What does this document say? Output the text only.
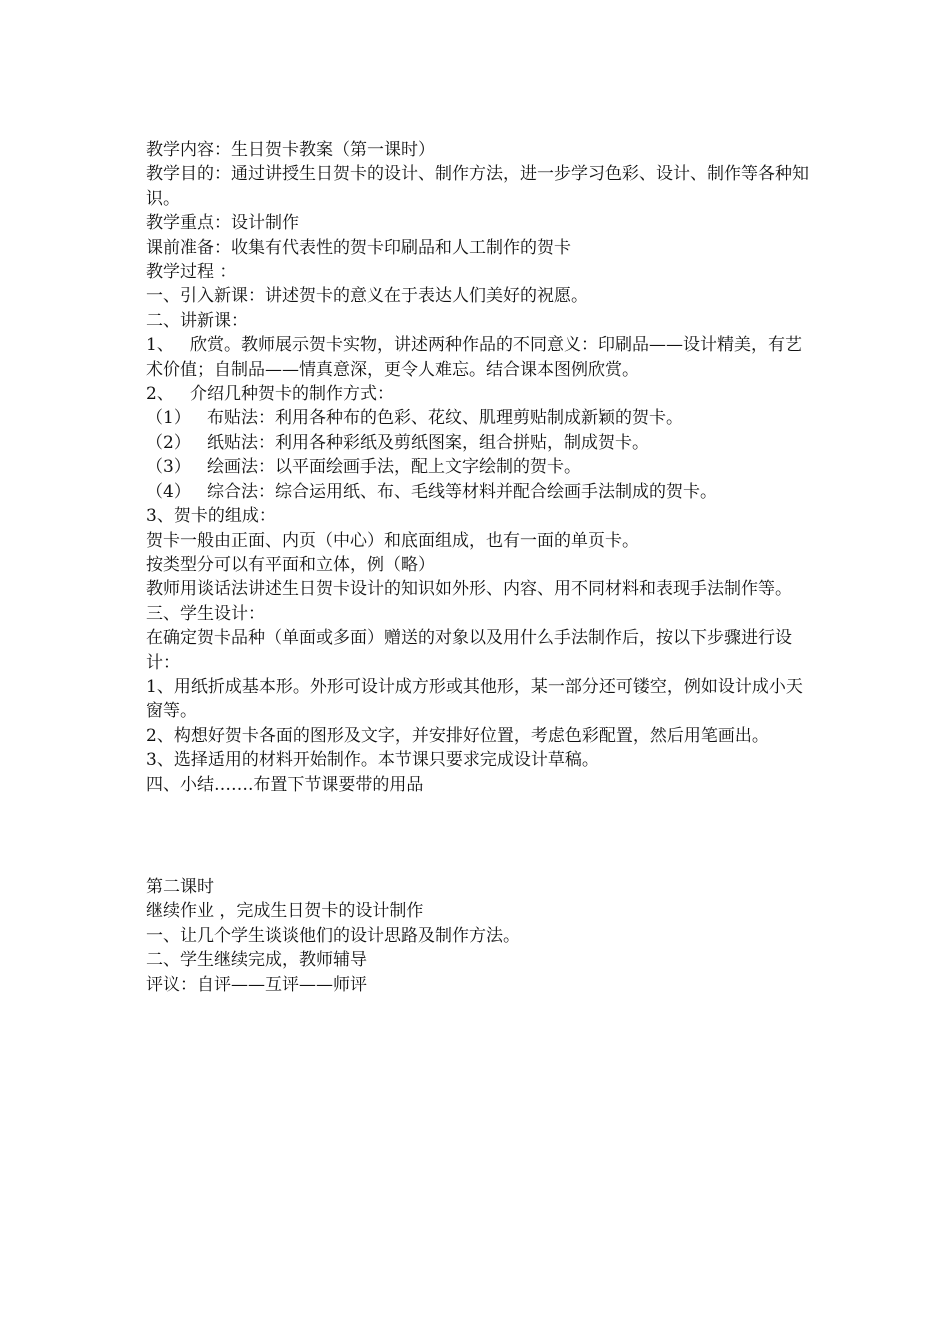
教学内容：生日贺卡教案（第一课时）
教学目的：通过讲授生日贺卡的设计、制作方法，进一步学习色彩、设计、制作等各种知识。
教学重点：设计制作
课前准备：收集有代表性的贺卡印刷品和人工制作的贺卡
教学过程 ：
一、引入新课：讲述贺卡的意义在于表达人们美好的祝愿。
二、讲新课：
1、   欣赏。教师展示贺卡实物，讲述两种作品的不同意义：印刷品——设计精美，有艺术价值；自制品——情真意深，更令人难忘。结合课本图例欣赏。
2、   介绍几种贺卡的制作方式：
（1）   布贴法：利用各种布的色彩、花纹、肌理剪贴制成新颖的贺卡。
（2）   纸贴法：利用各种彩纸及剪纸图案，组合拼贴，制成贺卡。
（3）   绘画法：以平面绘画手法，配上文字绘制的贺卡。
（4）   综合法：综合运用纸、布、毛线等材料并配合绘画手法制成的贺卡。
3、贺卡的组成：
贺卡一般由正面、内页（中心）和底面组成，也有一面的单页卡。
按类型分可以有平面和立体，例（略）
教师用谈话法讲述生日贺卡设计的知识如外形、内容、用不同材料和表现手法制作等。
三、学生设计：
在确定贺卡品种（单面或多面）赠送的对象以及用什么手法制作后，按以下步骤进行设计：
1、用纸折成基本形。外形可设计成方形或其他形，某一部分还可镂空，例如设计成小天窗等。
2、构想好贺卡各面的图形及文字，并安排好位置，考虑色彩配置，然后用笔画出。
3、选择适用的材料开始制作。本节课只要求完成设计草稿。
四、小结…….布置下节课要带的用品
第二课时
继续作业 ，完成生日贺卡的设计制作
一、让几个学生谈谈他们的设计思路及制作方法。
二、学生继续完成，教师辅导
评议：自评——互评——师评
